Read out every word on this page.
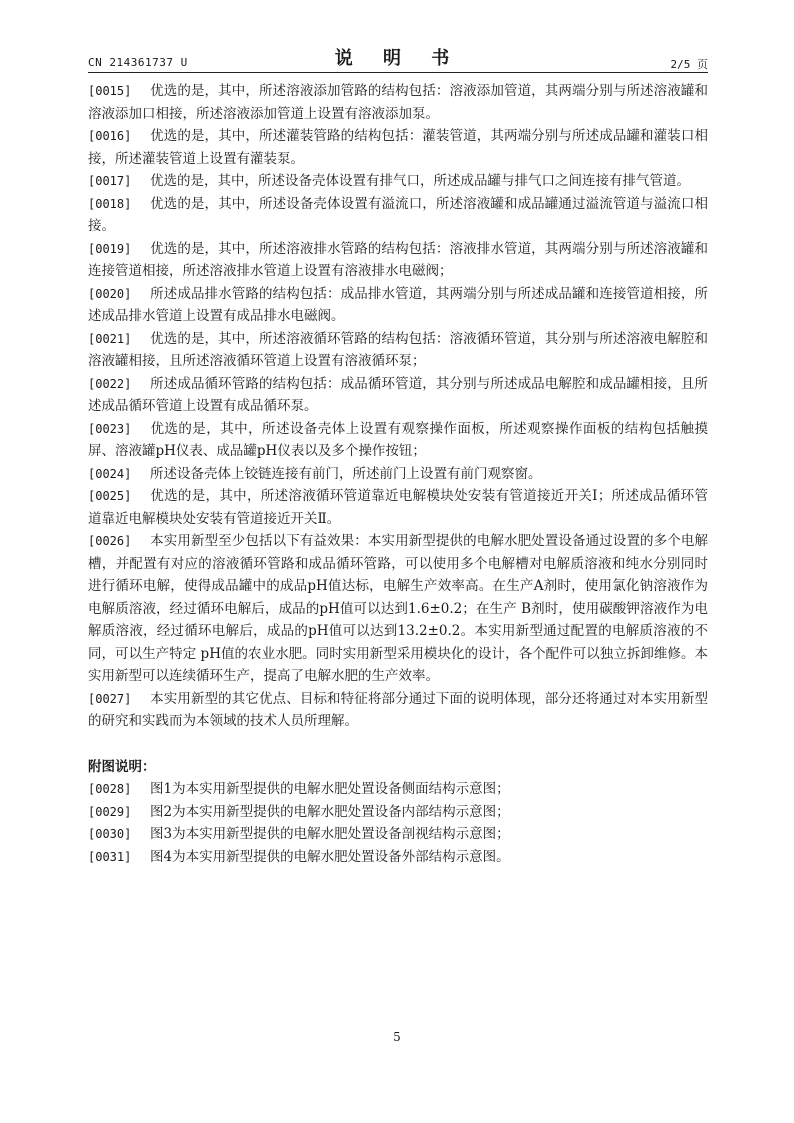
CN 214361737 U	说 明 书	2/5 页

[0015] 优选的是，其中，所述溶液添加管路的结构包括：溶液添加管道，其两端分别与所述溶液罐和溶液添加口相接，所述溶液添加管道上设置有溶液添加泵。

[0016] 优选的是，其中，所述灌装管路的结构包括：灌装管道，其两端分别与所述成品罐和灌装口相接，所述灌装管道上设置有灌装泵。

[0017] 优选的是，其中，所述设备壳体设置有排气口，所述成品罐与排气口之间连接有排气管道。

[0018] 优选的是，其中，所述设备壳体设置有溢流口，所述溶液罐和成品罐通过溢流管道与溢流口相接。

[0019] 优选的是，其中，所述溶液排水管路的结构包括：溶液排水管道，其两端分别与所述溶液罐和连接管道相接，所述溶液排水管道上设置有溶液排水电磁阀；

[0020] 所述成品排水管路的结构包括：成品排水管道，其两端分别与所述成品罐和连接管道相接，所述成品排水管道上设置有成品排水电磁阀。

[0021] 优选的是，其中，所述溶液循环管路的结构包括：溶液循环管道，其分别与所述溶液电解腔和溶液罐相接，且所述溶液循环管道上设置有溶液循环泵；

[0022] 所述成品循环管路的结构包括：成品循环管道，其分别与所述成品电解腔和成品罐相接，且所述成品循环管道上设置有成品循环泵。

[0023] 优选的是，其中，所述设备壳体上设置有观察操作面板，所述观察操作面板的结构包括触摸屏、溶液罐pH仪表、成品罐pH仪表以及多个操作按钮；

[0024] 所述设备壳体上铰链连接有前门，所述前门上设置有前门观察窗。

[0025] 优选的是，其中，所述溶液循环管道靠近电解模块处安装有管道接近开关Ⅰ；所述成品循环管道靠近电解模块处安装有管道接近开关Ⅱ。

[0026] 本实用新型至少包括以下有益效果：本实用新型提供的电解水肥处置设备通过设置的多个电解槽，并配置有对应的溶液循环管路和成品循环管路，可以使用多个电解槽对电解质溶液和纯水分别同时进行循环电解，使得成品罐中的成品pH值达标，电解生产效率高。在生产A剂时，使用氯化钠溶液作为电解质溶液，经过循环电解后，成品的pH值可以达到1.6±0.2；在生产 B剂时，使用碳酸钾溶液作为电解质溶液，经过循环电解后，成品的pH值可以达到13.2±0.2。本实用新型通过配置的电解质溶液的不同，可以生产特定 pH值的农业水肥。同时实用新型采用模块化的设计，各个配件可以独立拆卸维修。本实用新型可以连续循环生产，提高了电解水肥的生产效率。

[0027] 本实用新型的其它优点、目标和特征将部分通过下面的说明体现，部分还将通过对本实用新型的研究和实践而为本领域的技术人员所理解。

附图说明：

[0028] 图1为本实用新型提供的电解水肥处置设备侧面结构示意图；

[0029] 图2为本实用新型提供的电解水肥处置设备内部结构示意图；

[0030] 图3为本实用新型提供的电解水肥处置设备剖视结构示意图；

[0031] 图4为本实用新型提供的电解水肥处置设备外部结构示意图。

5
